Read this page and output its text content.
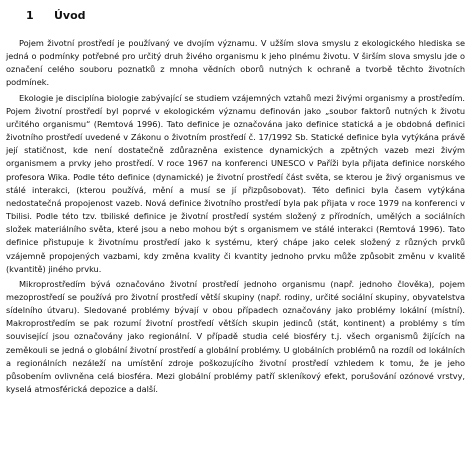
1	Úvod

Pojem životní prostředí je používaný ve dvojím významu. V užším slova smyslu z ekologického hlediska se jedná o podmínky potřebné pro určitý druh živého organismu k jeho plnému životu. V širším slova smyslu jde o označení celého souboru poznatků z mnoha vědních oborů nutných k ochraně a tvorbě těchto životních podmínek.

Ekologie je disciplína biologie zabývající se studiem vzájemných vztahů mezi živými organismy a prostředím. Pojem životní prostředí byl poprvé v ekologickém významu definován jako „soubor faktorů nutných k životu určitého organismu“ (Remtová 1996). Tato definice je označována jako definice statická a je obdobná definici životního prostředí uvedené v Zákonu o životním prostředí č. 17/1992 Sb. Statické definice byla vytýkána právě její statičnost, kde není dostatečně zdůrazněna existence dynamických a zpětných vazeb mezi živým organismem a prvky jeho prostředí. V roce 1967 na konferenci UNESCO v Paříži byla přijata definice norského profesora Wika. Podle této definice (dynamické) je životní prostředí část světa, se kterou je živý organismus ve stálé interakci, (kterou používá, mění a musí se jí přizpůsobovat). Této definici byla časem vytýkána nedostatečná propojenost vazeb. Nová definice životního prostředí byla pak přijata v roce 1979 na konferenci v Tbilisi. Podle této tzv. tbiliské definice je životní prostředí systém složený z přírodních, umělých a sociálních složek materiálního světa, které jsou a nebo mohou být s organismem ve stálé interakci (Remtová 1996). Tato definice přistupuje k životnímu prostředí jako k systému, který chápe jako celek složený z různých prvků vzájemně propojených vazbami, kdy změna kvality či kvantity jednoho prvku může způsobit změnu v kvalitě (kvantitě) jiného prvku.

Mikroprostředím bývá označováno životní prostředí jednoho organismu (např. jednoho člověka), pojem mezoprostředí se používá pro životní prostředí větší skupiny (např. rodiny, určité sociální skupiny, obyvatelstva sídelního útvaru). Sledované problémy bývají v obou případech označovány jako problémy lokální (místní). Makroprostředím se pak rozumí životní prostředí větších skupin jedinců (stát, kontinent) a problémy s tím související jsou označovány jako regionální. V případě studia celé biosféry t.j. všech organismů žijících na zeměkouli se jedná o globální životní prostředí a globální problémy. U globálních problémů na rozdíl od lokálních a regionálních nezáleží na umístění zdroje poškozujícího životní prostředí vzhledem k tomu, že je jeho působením ovlivněna celá biosféra. Mezi globální problémy patří skleníkový efekt, porušování ozónové vrstvy, kyselá atmosférická depozice a další.
